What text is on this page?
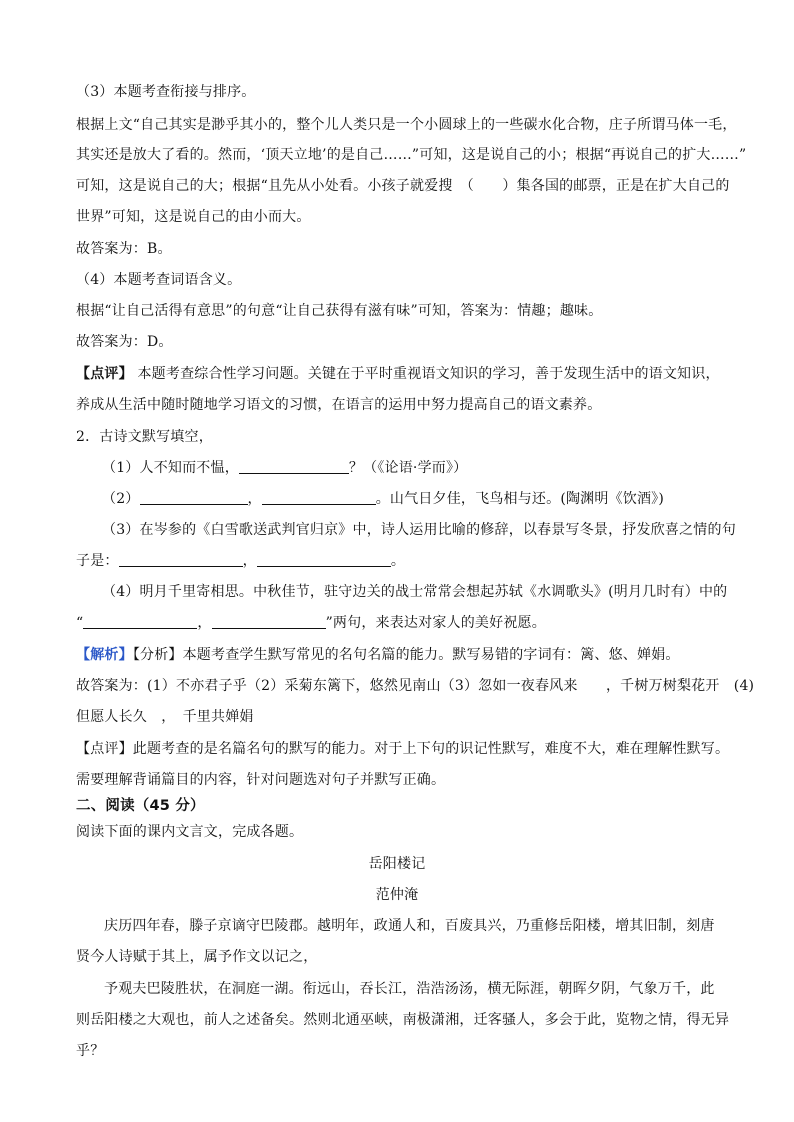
（3）本题考查衔接与排序。
根据上文“自己其实是渺乎其小的，整个儿人类只是一个小圆球上的一些碳水化合物，庄子所谓马体一毛，
其实还是放大了看的。然而，‘顶天立地’的是自己……”可知，这是说自己的小；根据“再说自己的扩大……”
可知，这是说自己的大；根据“且先从小处看。小孩子就爱搜　（　　）集各国的邮票，正是在扩大自己的
世界”可知，这是说自己的由小而大。
故答案为：B。
（4）本题考查词语含义。
根据“让自己活得有意思”的句意“让自己获得有滋有味”可知，答案为：情趣；趣味。
故答案为：D。
【点评】 本题考查综合性学习问题。关键在于平时重视语文知识的学习，善于发现生活中的语文知识，
养成从生活中随时随地学习语文的习惯，在语言的运用中努力提高自己的语文素养。
2．古诗文默写填空，
（1）人不知而不愠，	？（《论语·学而》）
（2）	，	。山气日夕佳，飞鸟相与还。(陶渊明《饮酒》)
（3）在岑参的《白雪歌送武判官归京》中，诗人运用比喻的修辞，以春景写冬景，抒发欣喜之情的句
子是：	，	。
（4）明月千里寄相思。中秋佳节，驻守边关的战士常常会想起苏轼《水调歌头》(明月几时有）中的
“	，	”两句，来表达对家人的美好祝愿。
【解析】【分析】本题考查学生默写常见的名句名篇的能力。默写易错的字词有：篱、悠、婵娟。
故答案为：(1）不亦君子乎（2）采菊东篱下，悠然见南山（3）忽如一夜春风来　　，千树万树梨花开　(4)
但愿人长久　，　千里共婵娟
【点评】此题考查的是名篇名句的默写的能力。对于上下句的识记性默写，难度不大，难在理解性默写。
需要理解背诵篇目的内容，针对问题选对句子并默写正确。
二、阅读（45 分）
阅读下面的课内文言文，完成各题。
岳阳楼记
范仲淹
庆历四年春，滕子京谪守巴陵郡。越明年，政通人和，百废具兴，乃重修岳阳楼，增其旧制，刻唐
贤今人诗赋于其上，属予作文以记之，
予观夫巴陵胜状，在洞庭一湖。衔远山，吞长江，浩浩汤汤，横无际涯，朝晖夕阴，气象万千，此
则岳阳楼之大观也，前人之述备矣。然则北通巫峡，南极潇湘，迁客骚人，多会于此，览物之情，得无异
乎？
